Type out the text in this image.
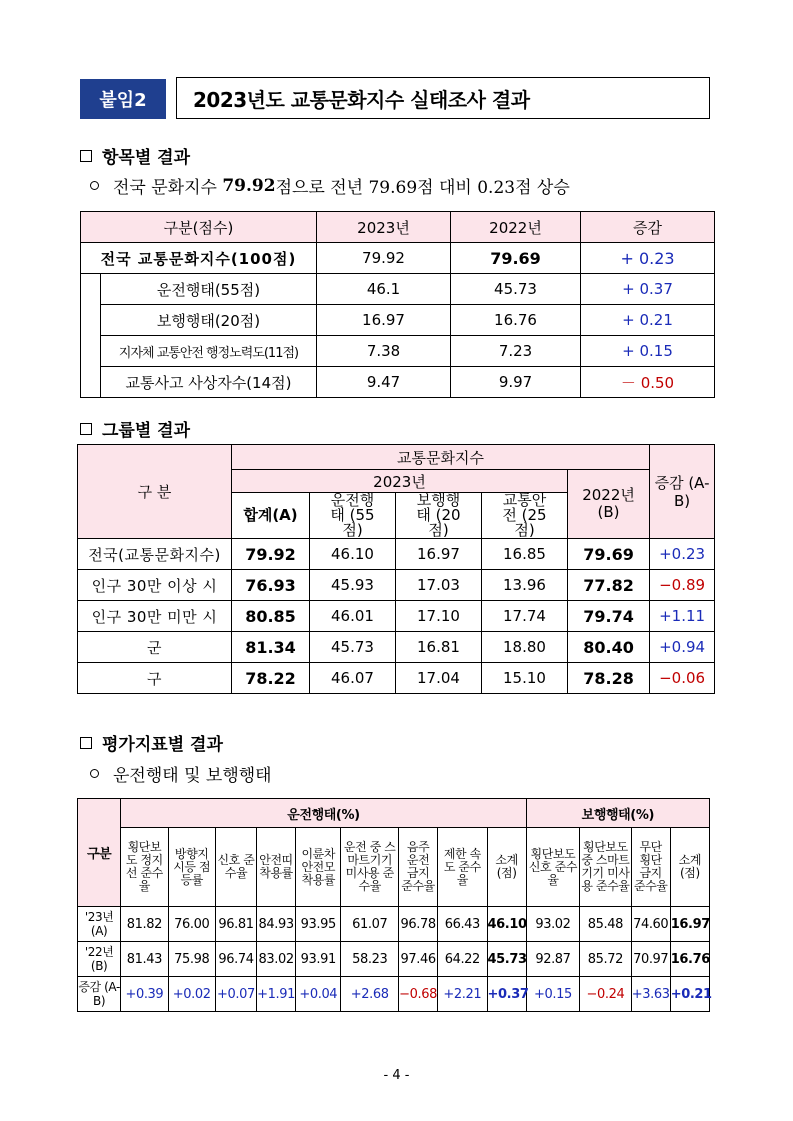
붙임2	2023년도 교통문화지수 실태조사 결과
항목별 결과
전국 문화지수 79.92 점으로 전년 79.69점 대비 0.23점 상승
구분(점수)		2023년	2022년	증감
전국 교통문화지수(100점)		79.92	79.69	+ 0.23
	운전행태(55점)	46.1	45.73	+ 0.37
	보행행태(20점)	16.97	16.76	+ 0.21
	지자체 교통안전 행정노력도(11점)	7.38	7.23	+ 0.15
	교통사고 사상자수(14점)	9.47	9.97	－ 0.50
그룹별 결과
구 분	교통문화지수					증감 (A-B)
	2023년				2022년 (B)	
	합계(A)	운전행태 (55점)	보행행태 (20점)	교통안전 (25점)		
전국(교통문화지수)	79.92	46.10	16.97	16.85	79.69	+0.23
인구 30만 이상 시	76.93	45.93	17.03	13.96	77.82	−0.89
인구 30만 미만 시	80.85	46.01	17.10	17.74	79.74	+1.11
군	81.34	45.73	16.81	18.80	80.40	+0.94
구	78.22	46.07	17.04	15.10	78.28	−0.06
평가지표별 결과
운전행태 및 보행행태
구분	운전행태(%)									보행행태(%)			
	횡단보도 정지선 준수율	방향지 시등 점등률	신호 준수율	안전띠 착용률	이륜차 안전모 착용률	운전 중 스마트기기 미사용 준수율	음주 운전 금지 준수율	제한 속도 준수율	소계 (점)	횡단보도 신호 준수율	횡단보도 중 스마트기기 미사용 준수율	무단 횡단 금지 준수율	소계 (점)
'23년 (A)	81.82	76.00	96.81	84.93	93.95	61.07	96.78	66.43	46.10	93.02	85.48	74.60	16.97
'22년 (B)	81.43	75.98	96.74	83.02	93.91	58.23	97.46	64.22	45.73	92.87	85.72	70.97	16.76
증감 (A-B)	+0.39	+0.02	+0.07	+1.91	+0.04	+2.68	−0.68	+2.21	+0.37	+0.15	−0.24	+3.63	+0.21
- 4 -
